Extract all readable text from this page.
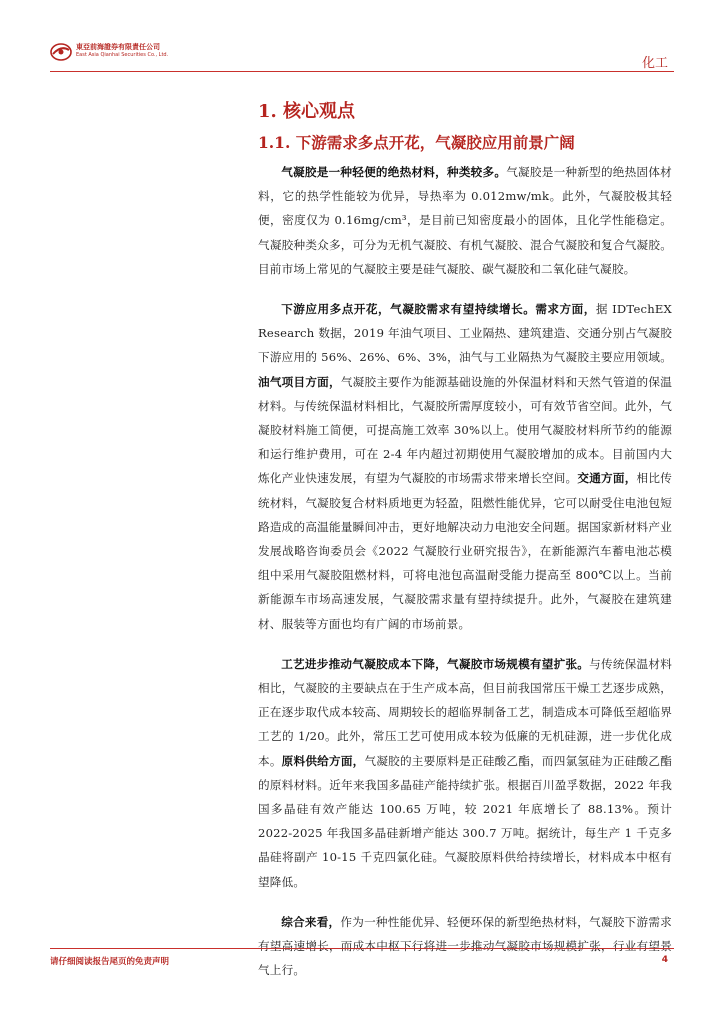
東亞前海證券有限責任公司
East Asia Qianhai Securities Co., Ltd.
化工
1. 核心观点
1.1. 下游需求多点开花，气凝胶应用前景广阔

气凝胶是一种轻便的绝热材料，种类较多。气凝胶是一种新型的绝热固体材料，它的热学性能较为优异，导热率为 0.012mw/mk。此外，气凝胶极其轻便，密度仅为 0.16mg/cm³，是目前已知密度最小的固体，且化学性能稳定。气凝胶种类众多，可分为无机气凝胶、有机气凝胶、混合气凝胶和复合气凝胶。目前市场上常见的气凝胶主要是硅气凝胶、碳气凝胶和二氧化硅气凝胶。

下游应用多点开花，气凝胶需求有望持续增长。需求方面，据 IDTechEX Research 数据，2019 年油气项目、工业隔热、建筑建造、交通分别占气凝胶下游应用的 56%、26%、6%、3%，油气与工业隔热为气凝胶主要应用领域。油气项目方面，气凝胶主要作为能源基础设施的外保温材料和天然气管道的保温材料。与传统保温材料相比，气凝胶所需厚度较小，可有效节省空间。此外，气凝胶材料施工简便，可提高施工效率 30%以上。使用气凝胶材料所节约的能源和运行维护费用，可在 2-4 年内超过初期使用气凝胶增加的成本。目前国内大炼化产业快速发展，有望为气凝胶的市场需求带来增长空间。交通方面，相比传统材料，气凝胶复合材料质地更为轻盈，阻燃性能优异，它可以耐受住电池包短路造成的高温能量瞬间冲击，更好地解决动力电池安全问题。据国家新材料产业发展战略咨询委员会《2022 气凝胶行业研究报告》，在新能源汽车蓄电池芯模组中采用气凝胶阻燃材料，可将电池包高温耐受能力提高至 800℃以上。当前新能源车市场高速发展，气凝胶需求量有望持续提升。此外，气凝胶在建筑建材、服装等方面也均有广阔的市场前景。

工艺进步推动气凝胶成本下降，气凝胶市场规模有望扩张。与传统保温材料相比，气凝胶的主要缺点在于生产成本高，但目前我国常压干燥工艺逐步成熟，正在逐步取代成本较高、周期较长的超临界制备工艺，制造成本可降低至超临界工艺的 1/20。此外，常压工艺可使用成本较为低廉的无机硅源，进一步优化成本。原料供给方面，气凝胶的主要原料是正硅酸乙酯，而四氯氢硅为正硅酸乙酯的原料材料。近年来我国多晶硅产能持续扩张。根据百川盈孚数据，2022 年我国多晶硅有效产能达 100.65 万吨，较 2021 年底增长了 88.13%。预计 2022-2025 年我国多晶硅新增产能达 300.7 万吨。据统计，每生产 1 千克多晶硅将副产 10-15 千克四氯化硅。气凝胶原料供给持续增长，材料成本中枢有望降低。

综合来看，作为一种性能优异、轻便环保的新型绝热材料，气凝胶下游需求有望高速增长，而成本中枢下行将进一步推动气凝胶市场规模扩张，行业有望景气上行。

请仔细阅读报告尾页的免责声明	4
